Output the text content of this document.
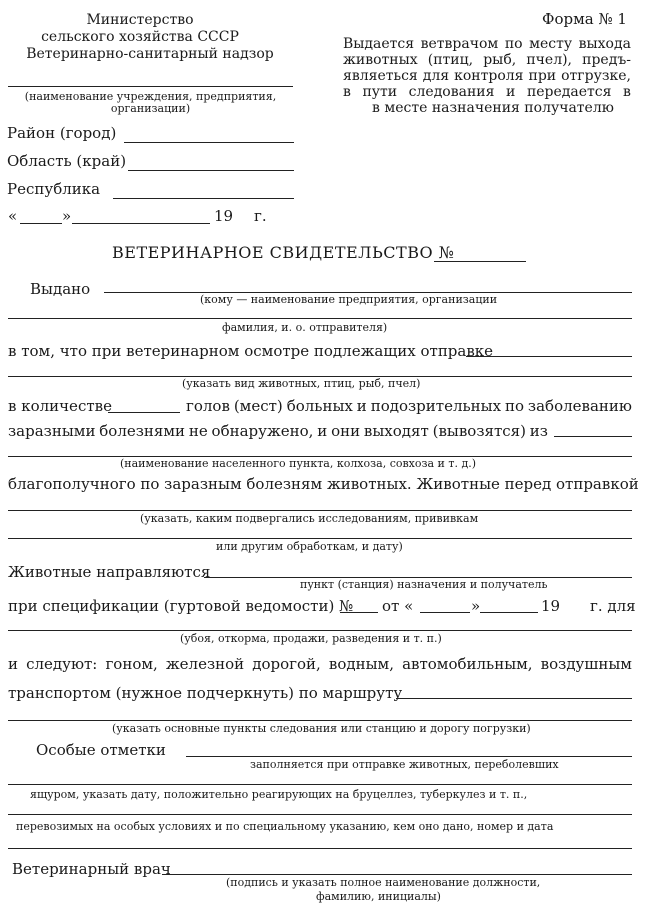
Министерство
сельского хозяйства СССР
Ветеринарно-санитарный надзор
(наименование учреждения, предприятия,
организации)
Форма № 1
Выдается ветврачом по месту выхода
животных (птиц, рыб, пчел), предъ-
являеться для контроля при отгрузке,
в пути следования и передается в
в месте назначения получателю
Район (город)
Область (край)
Республика
«	»	19 г.
ВЕТЕРИНАРНОЕ СВИДЕТЕЛЬСТВО №
Выдано
(кому — наименование предприятия, организации
фамилия, и. о. отправителя)
в том, что при ветеринарном осмотре подлежащих отправке
(указать вид животных, птиц, рыб, пчел)
в количестве	голов (мест) больных и подозрительных по заболеванию
заразными болезнями не обнаружено, и они выходят (вывозятся) из
(наименование населенного пункта, колхоза, совхоза и т. д.)
благополучного по заразным болезням животных. Животные перед отправкой
(указать, каким подвергались исследованиям, прививкам
или другим обработкам, и дату)
Животные направляются
пункт (станция) назначения и получатель
при спецификации (гуртовой ведомости) № от «	»	19 г. для
(убоя, откорма, продажи, разведения и т. п.)
и следуют: гоном, железной дорогой, водным, автомобильным, воздушным
транспортом (нужное подчеркнуть) по маршруту
(указать основные пункты следования или станцию и дорогу погрузки)
Особые отметки
заполняется при отправке животных, переболевших
ящуром, указать дату, положительно реагирующих на бруцеллез, туберкулез и т. п.,
перевозимых на особых условиях и по специальному указанию, кем оно дано, номер и дата
Ветеринарный врач
(подпись и указать полное наименование должности,
фамилию, инициалы)
